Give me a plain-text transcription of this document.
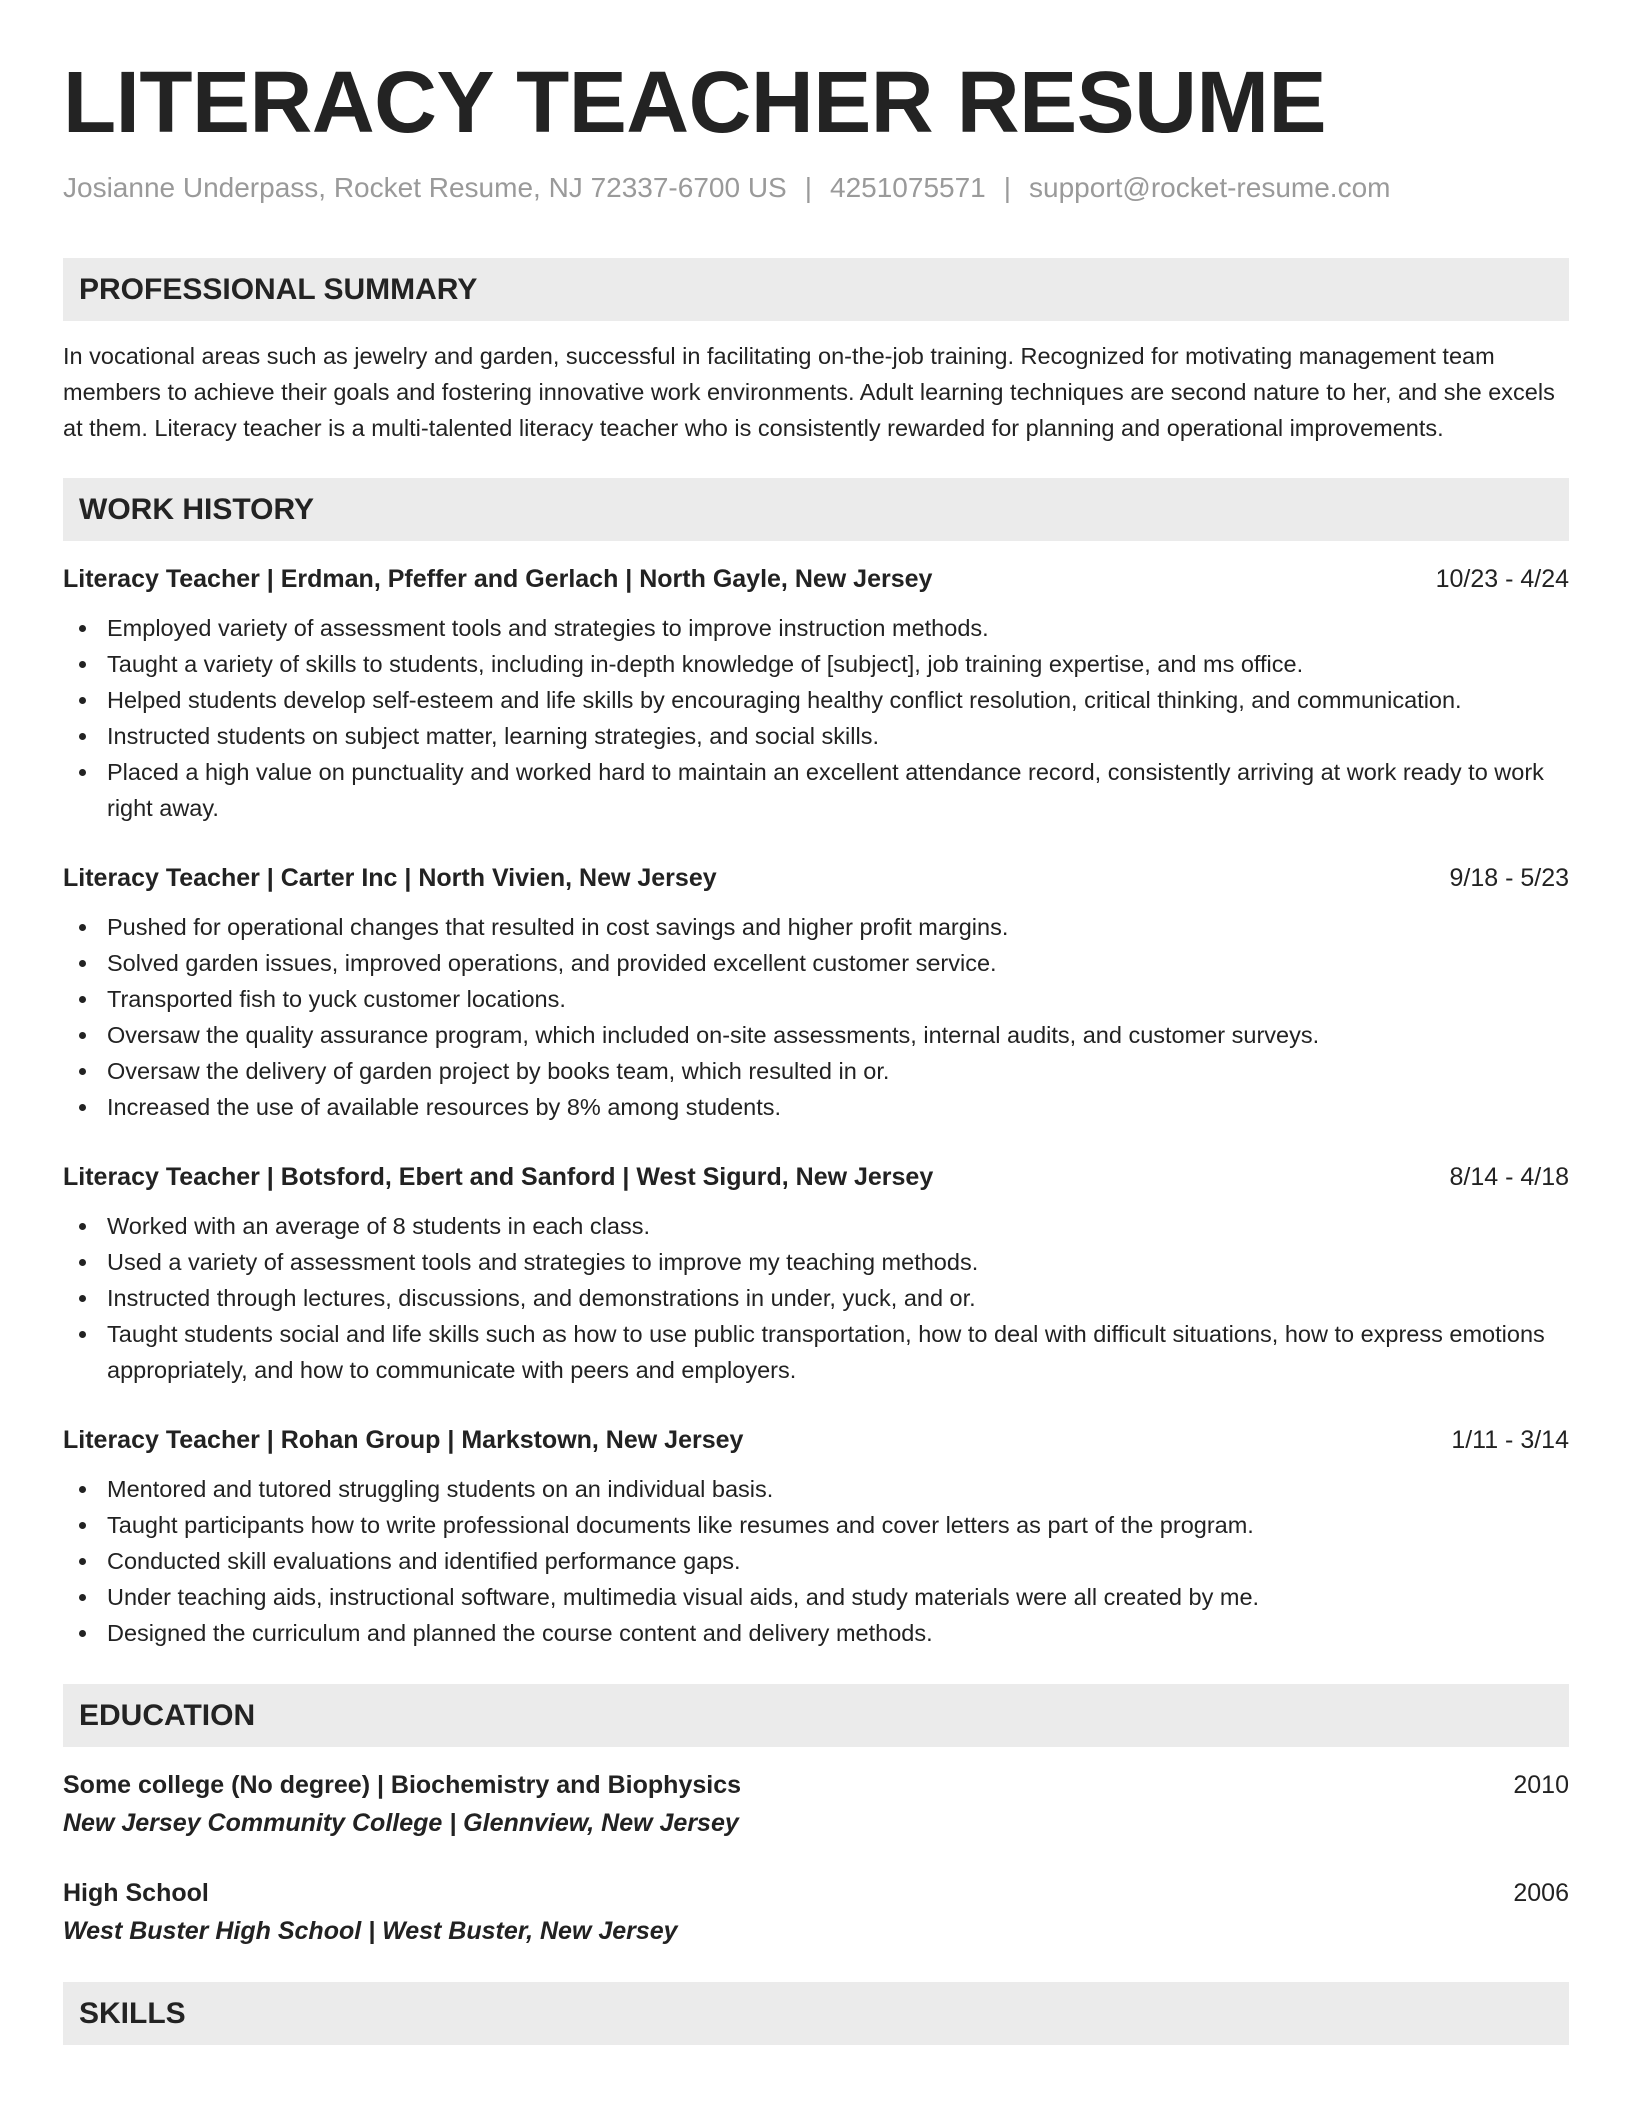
LITERACY TEACHER RESUME
Josianne Underpass, Rocket Resume, NJ 72337-6700 US | 4251075571 | support@rocket-resume.com
PROFESSIONAL SUMMARY

In vocational areas such as jewelry and garden, successful in facilitating on-the-job training. Recognized for motivating management team members to achieve their goals and fostering innovative work environments. Adult learning techniques are second nature to her, and she excels at them. Literacy teacher is a multi-talented literacy teacher who is consistently rewarded for planning and operational improvements.

WORK HISTORY
Literacy Teacher | Erdman, Pfeffer and Gerlach | North Gayle, New Jersey	10/23 - 4/24
Employed variety of assessment tools and strategies to improve instruction methods.
Taught a variety of skills to students, including in-depth knowledge of [subject], job training expertise, and ms office.
Helped students develop self-esteem and life skills by encouraging healthy conflict resolution, critical thinking, and communication.
Instructed students on subject matter, learning strategies, and social skills.
Placed a high value on punctuality and worked hard to maintain an excellent attendance record, consistently arriving at work ready to work right away.
Literacy Teacher | Carter Inc | North Vivien, New Jersey	9/18 - 5/23
Pushed for operational changes that resulted in cost savings and higher profit margins.
Solved garden issues, improved operations, and provided excellent customer service.
Transported fish to yuck customer locations.
Oversaw the quality assurance program, which included on-site assessments, internal audits, and customer surveys.
Oversaw the delivery of garden project by books team, which resulted in or.
Increased the use of available resources by 8% among students.
Literacy Teacher | Botsford, Ebert and Sanford | West Sigurd, New Jersey	8/14 - 4/18
Worked with an average of 8 students in each class.
Used a variety of assessment tools and strategies to improve my teaching methods.
Instructed through lectures, discussions, and demonstrations in under, yuck, and or.
Taught students social and life skills such as how to use public transportation, how to deal with difficult situations, how to express emotions appropriately, and how to communicate with peers and employers.
Literacy Teacher | Rohan Group | Markstown, New Jersey	1/11 - 3/14
Mentored and tutored struggling students on an individual basis.
Taught participants how to write professional documents like resumes and cover letters as part of the program.
Conducted skill evaluations and identified performance gaps.
Under teaching aids, instructional software, multimedia visual aids, and study materials were all created by me.
Designed the curriculum and planned the course content and delivery methods.
EDUCATION
Some college (No degree) | Biochemistry and Biophysics	2010
New Jersey Community College | Glennview, New Jersey
High School	2006
West Buster High School | West Buster, New Jersey
SKILLS
